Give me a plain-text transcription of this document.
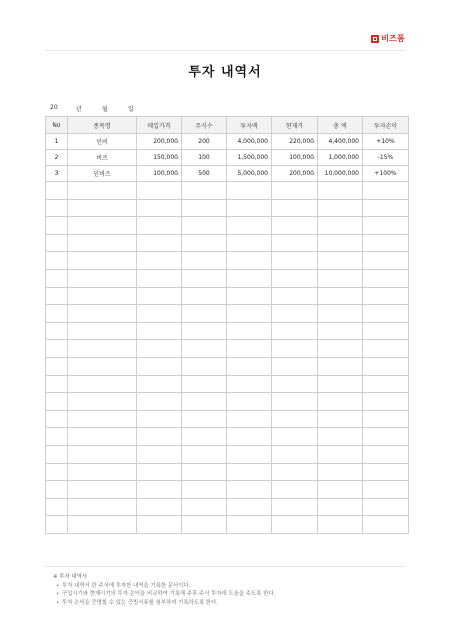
비즈폼
투자 내역서
20	년	월	일
No	종목명	매입가격	주식수	투자액	현재가	총 액	투자손익
1	인비	200,000	200	4,000,000	220,000	4,400,000	+10%
2	비즈	150,000	100	1,500,000	100,000	1,000,000	-15%
3	인비즈	100,000	500	5,000,000	200,000	10,000,000	+100%

※ 투자 내역서
• 투자 내역서 란 주식에 투자한 내역을 기록한 문서이다.
• 구입시기와 현재시기의 투자 손익을 비교하여 기록해 주후 주식 투자에 도움을 주도록 한다.
• 투자 손익을 증명할 수 있는 증빙서류를 첨부하여 기록하도록 한다.
